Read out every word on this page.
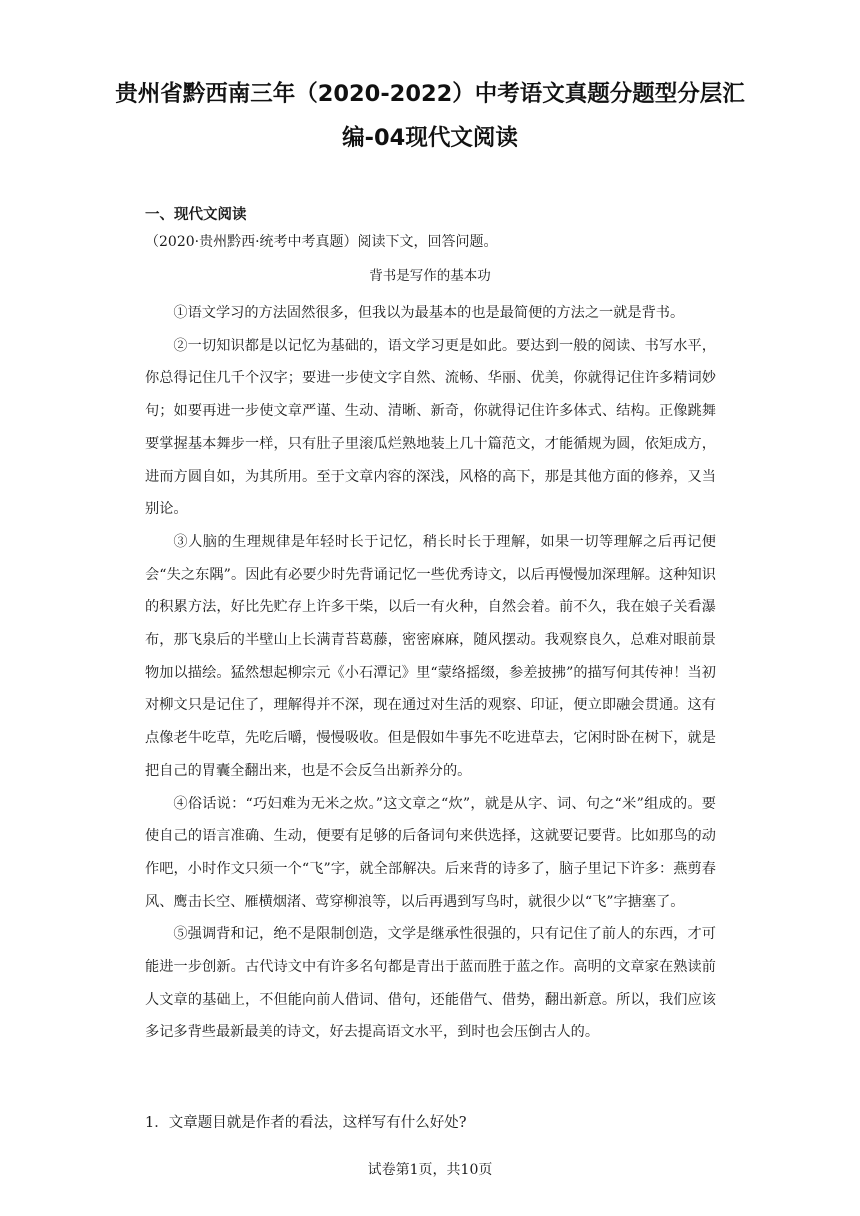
贵州省黔西南三年（2020-2022）中考语文真题分题型分层汇
编-04现代文阅读
一、现代文阅读
（2020·贵州黔西·统考中考真题）阅读下文，回答问题。
背书是写作的基本功

①语文学习的方法固然很多，但我以为最基本的也是最简便的方法之一就是背书。

②一切知识都是以记忆为基础的，语文学习更是如此。要达到一般的阅读、书写水平，你总得记住几千个汉字；要进一步使文字自然、流畅、华丽、优美，你就得记住许多精词妙句；如要再进一步使文章严谨、生动、清晰、新奇，你就得记住许多体式、结构。正像跳舞要掌握基本舞步一样，只有肚子里滚瓜烂熟地装上几十篇范文，才能循规为圆，依矩成方，进而方圆自如，为其所用。至于文章内容的深浅，风格的高下，那是其他方面的修养，又当别论。

③人脑的生理规律是年轻时长于记忆，稍长时长于理解，如果一切等理解之后再记便会“失之东隅”。因此有必要少时先背诵记忆一些优秀诗文，以后再慢慢加深理解。这种知识的积累方法，好比先贮存上许多干柴，以后一有火种，自然会着。前不久，我在娘子关看瀑布，那飞泉后的半壁山上长满青苔葛藤，密密麻麻，随风摆动。我观察良久，总难对眼前景物加以描绘。猛然想起柳宗元《小石潭记》里“蒙络摇缀，参差披拂”的描写何其传神！当初对柳文只是记住了，理解得并不深，现在通过对生活的观察、印证，便立即融会贯通。这有点像老牛吃草，先吃后嚼，慢慢吸收。但是假如牛事先不吃进草去，它闲时卧在树下，就是把自己的胃囊全翻出来，也是不会反刍出新养分的。

④俗话说：“巧妇难为无米之炊。”这文章之“炊”，就是从字、词、句之“米”组成的。要使自己的语言准确、生动，便要有足够的后备词句来供选择，这就要记要背。比如那鸟的动作吧，小时作文只须一个“飞”字，就全部解决。后来背的诗多了，脑子里记下许多：燕剪春风、鹰击长空、雁横烟渚、莺穿柳浪等，以后再遇到写鸟时，就很少以“飞”字搪塞了。

⑤强调背和记，绝不是限制创造，文学是继承性很强的，只有记住了前人的东西，才可能进一步创新。古代诗文中有许多名句都是青出于蓝而胜于蓝之作。高明的文章家在熟读前人文章的基础上，不但能向前人借词、借句，还能借气、借势，翻出新意。所以，我们应该多记多背些最新最美的诗文，好去提高语文水平，到时也会压倒古人的。

1．文章题目就是作者的看法，这样写有什么好处?
试卷第1页，共10页
